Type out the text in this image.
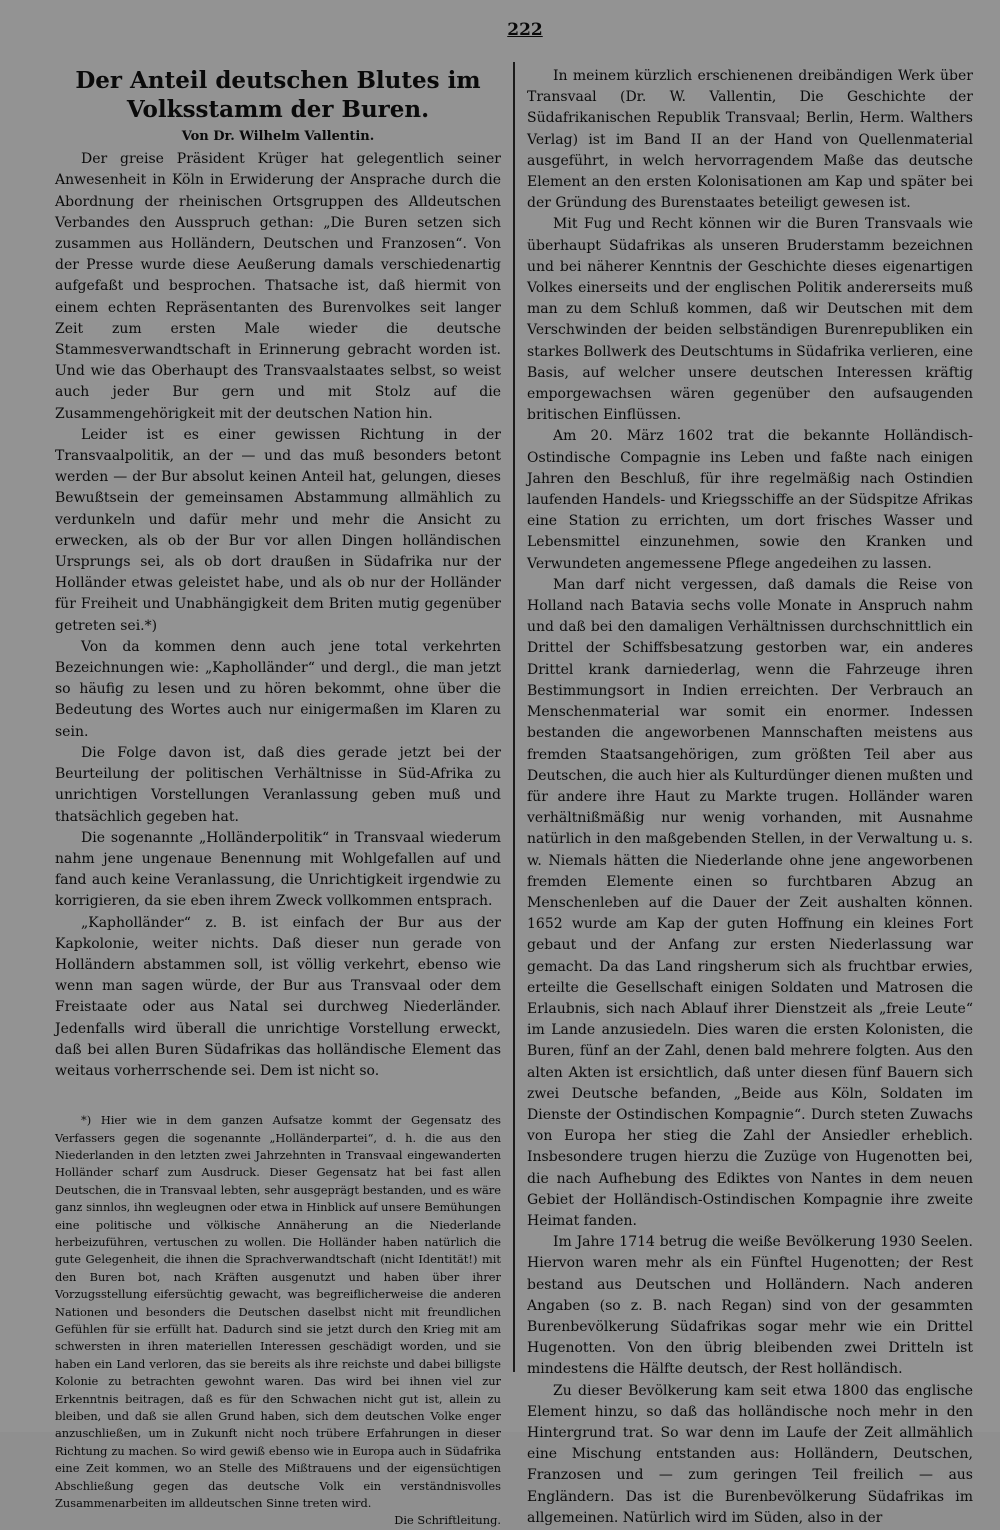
222
Der Anteil deutschen Blutes im Volksstamm der Buren.
Von Dr. Wilhelm Vallentin.

Der greise Präsident Krüger hat gelegentlich seiner Anwesenheit in Köln in Erwiderung der Ansprache durch die Abordnung der rheinischen Ortsgruppen des Alldeutschen Verbandes den Ausspruch gethan: „Die Buren setzen sich zusammen aus Holländern, Deutschen und Franzosen“. Von der Presse wurde diese Aeußerung damals verschiedenartig aufgefaßt und besprochen. Thatsache ist, daß hiermit von einem echten Repräsentanten des Burenvolkes seit langer Zeit zum ersten Male wieder die deutsche Stammesverwandtschaft in Erinnerung gebracht worden ist. Und wie das Oberhaupt des Transvaalstaates selbst, so weist auch jeder Bur gern und mit Stolz auf die Zusammengehörigkeit mit der deutschen Nation hin.

Leider ist es einer gewissen Richtung in der Transvaalpolitik, an der — und das muß besonders betont werden — der Bur absolut keinen Anteil hat, gelungen, dieses Bewußtsein der gemeinsamen Abstammung allmählich zu verdunkeln und dafür mehr und mehr die Ansicht zu erwecken, als ob der Bur vor allen Dingen holländischen Ursprungs sei, als ob dort draußen in Südafrika nur der Holländer etwas geleistet habe, und als ob nur der Holländer für Freiheit und Unabhängigkeit dem Briten mutig gegenüber getreten sei.*)

Von da kommen denn auch jene total verkehrten Bezeichnungen wie: „Kapholländer“ und dergl., die man jetzt so häufig zu lesen und zu hören bekommt, ohne über die Bedeutung des Wortes auch nur einigermaßen im Klaren zu sein.

Die Folge davon ist, daß dies gerade jetzt bei der Beurteilung der politischen Verhältnisse in Süd-Afrika zu unrichtigen Vorstellungen Veranlassung geben muß und thatsächlich gegeben hat.

Die sogenannte „Holländerpolitik“ in Transvaal wiederum nahm jene ungenaue Benennung mit Wohlgefallen auf und fand auch keine Veranlassung, die Unrichtigkeit irgendwie zu korrigieren, da sie eben ihrem Zweck vollkommen entsprach.

„Kapholländer“ z. B. ist einfach der Bur aus der Kapkolonie, weiter nichts. Daß dieser nun gerade von Holländern abstammen soll, ist völlig verkehrt, ebenso wie wenn man sagen würde, der Bur aus Transvaal oder dem Freistaate oder aus Natal sei durchweg Niederländer. Jedenfalls wird überall die unrichtige Vorstellung erweckt, daß bei allen Buren Südafrikas das holländische Element das weitaus vorherrschende sei. Dem ist nicht so.

*) Hier wie in dem ganzen Aufsatze kommt der Gegensatz des Verfassers gegen die sogenannte „Holländerpartei“, d. h. die aus den Niederlanden in den letzten zwei Jahrzehnten in Transvaal eingewanderten Holländer scharf zum Ausdruck. Dieser Gegensatz hat bei fast allen Deutschen, die in Transvaal lebten, sehr ausgeprägt bestanden, und es wäre ganz sinnlos, ihn wegleugnen oder etwa in Hinblick auf unsere Bemühungen eine politische und völkische Annäherung an die Niederlande herbeizuführen, vertuschen zu wollen. Die Holländer haben natürlich die gute Gelegenheit, die ihnen die Sprachverwandtschaft (nicht Identität!) mit den Buren bot, nach Kräften ausgenutzt und haben über ihrer Vorzugsstellung eifersüchtig gewacht, was begreiflicherweise die anderen Nationen und besonders die Deutschen daselbst nicht mit freundlichen Gefühlen für sie erfüllt hat. Dadurch sind sie jetzt durch den Krieg mit am schwersten in ihren materiellen Interessen geschädigt worden, und sie haben ein Land verloren, das sie bereits als ihre reichste und dabei billigste Kolonie zu betrachten gewohnt waren. Das wird bei ihnen viel zur Erkenntnis beitragen, daß es für den Schwachen nicht gut ist, allein zu bleiben, und daß sie allen Grund haben, sich dem deutschen Volke enger anzuschließen, um in Zukunft nicht noch trübere Erfahrungen in dieser Richtung zu machen. So wird gewiß ebenso wie in Europa auch in Südafrika eine Zeit kommen, wo an Stelle des Mißtrauens und der eigensüchtigen Abschließung gegen das deutsche Volk ein verständnisvolles Zusammenarbeiten im alldeutschen Sinne treten wird.
Die Schriftleitung.

In meinem kürzlich erschienenen dreibändigen Werk über Transvaal (Dr. W. Vallentin, Die Geschichte der Südafrikanischen Republik Transvaal; Berlin, Herm. Walthers Verlag) ist im Band II an der Hand von Quellenmaterial ausgeführt, in welch hervorragendem Maße das deutsche Element an den ersten Kolonisationen am Kap und später bei der Gründung des Burenstaates beteiligt gewesen ist.

Mit Fug und Recht können wir die Buren Transvaals wie überhaupt Südafrikas als unseren Bruderstamm bezeichnen und bei näherer Kenntnis der Geschichte dieses eigenartigen Volkes einerseits und der englischen Politik andererseits muß man zu dem Schluß kommen, daß wir Deutschen mit dem Verschwinden der beiden selbständigen Burenrepubliken ein starkes Bollwerk des Deutschtums in Südafrika verlieren, eine Basis, auf welcher unsere deutschen Interessen kräftig emporgewachsen wären gegenüber den aufsaugenden britischen Einflüssen.

Am 20. März 1602 trat die bekannte Holländisch-Ostindische Compagnie ins Leben und faßte nach einigen Jahren den Beschluß, für ihre regelmäßig nach Ostindien laufenden Handels- und Kriegsschiffe an der Südspitze Afrikas eine Station zu errichten, um dort frisches Wasser und Lebensmittel einzunehmen, sowie den Kranken und Verwundeten angemessene Pflege angedeihen zu lassen.

Man darf nicht vergessen, daß damals die Reise von Holland nach Batavia sechs volle Monate in Anspruch nahm und daß bei den damaligen Verhältnissen durchschnittlich ein Drittel der Schiffsbesatzung gestorben war, ein anderes Drittel krank darniederlag, wenn die Fahrzeuge ihren Bestimmungsort in Indien erreichten. Der Verbrauch an Menschenmaterial war somit ein enormer. Indessen bestanden die angeworbenen Mannschaften meistens aus fremden Staatsangehörigen, zum größten Teil aber aus Deutschen, die auch hier als Kulturdünger dienen mußten und für andere ihre Haut zu Markte trugen. Holländer waren verhältnißmäßig nur wenig vorhanden, mit Ausnahme natürlich in den maßgebenden Stellen, in der Verwaltung u. s. w. Niemals hätten die Niederlande ohne jene angeworbenen fremden Elemente einen so furchtbaren Abzug an Menschenleben auf die Dauer der Zeit aushalten können. 1652 wurde am Kap der guten Hoffnung ein kleines Fort gebaut und der Anfang zur ersten Niederlassung war gemacht. Da das Land ringsherum sich als fruchtbar erwies, erteilte die Gesellschaft einigen Soldaten und Matrosen die Erlaubnis, sich nach Ablauf ihrer Dienstzeit als „freie Leute“ im Lande anzusiedeln. Dies waren die ersten Kolonisten, die Buren, fünf an der Zahl, denen bald mehrere folgten. Aus den alten Akten ist ersichtlich, daß unter diesen fünf Bauern sich zwei Deutsche befanden, „Beide aus Köln, Soldaten im Dienste der Ostindischen Kompagnie“. Durch steten Zuwachs von Europa her stieg die Zahl der Ansiedler erheblich. Insbesondere trugen hierzu die Zuzüge von Hugenotten bei, die nach Aufhebung des Ediktes von Nantes in dem neuen Gebiet der Holländisch-Ostindischen Kompagnie ihre zweite Heimat fanden.

Im Jahre 1714 betrug die weiße Bevölkerung 1930 Seelen. Hiervon waren mehr als ein Fünftel Hugenotten; der Rest bestand aus Deutschen und Holländern. Nach anderen Angaben (so z. B. nach Regan) sind von der gesammten Burenbevölkerung Südafrikas sogar mehr wie ein Drittel Hugenotten. Von den übrig bleibenden zwei Dritteln ist mindestens die Hälfte deutsch, der Rest holländisch.

Zu dieser Bevölkerung kam seit etwa 1800 das englische Element hinzu, so daß das holländische noch mehr in den Hintergrund trat. So war denn im Laufe der Zeit allmählich eine Mischung entstanden aus: Holländern, Deutschen, Franzosen und — zum geringen Teil freilich — aus Engländern. Das ist die Burenbevölkerung Südafrikas im allgemeinen. Natürlich wird im Süden, also in der
